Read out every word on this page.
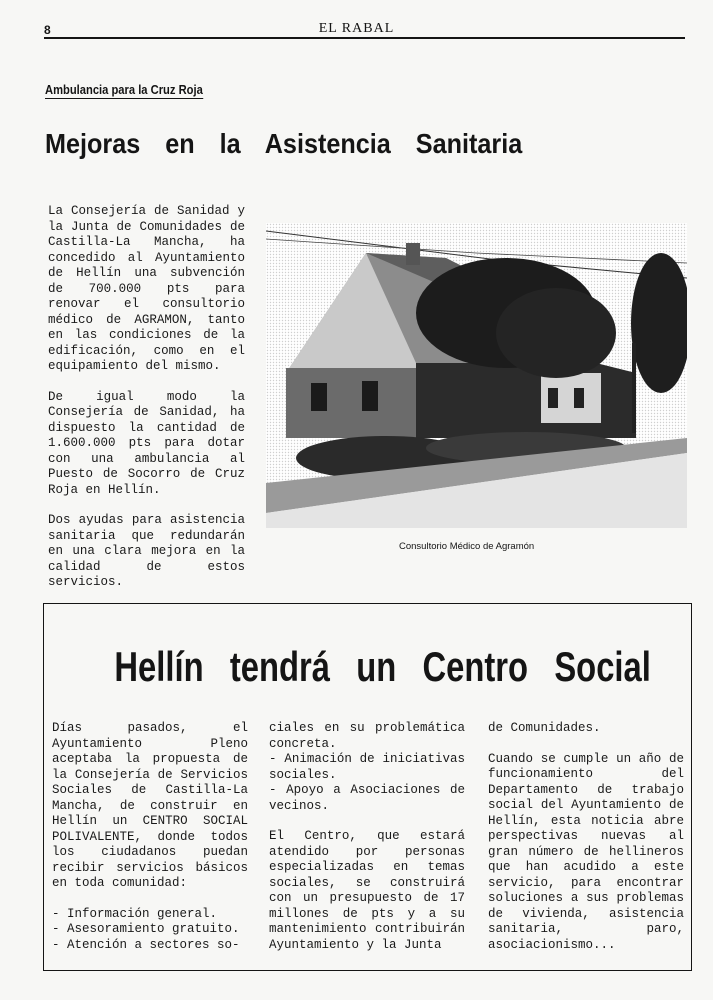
8	EL RABAL
Ambulancia para la Cruz Roja
Mejoras en la Asistencia Sanitaria

La Consejería de Sanidad y la Junta de Comunidades de Castilla-La Mancha, ha concedido al Ayuntamiento de Hellín una subvención de 700.000 pts para renovar el consultorio médico de AGRAMON, tanto en las condiciones de la edificación, como en el equipamiento del mismo.

De igual modo la Consejería de Sanidad, ha dispuesto la cantidad de 1.600.000 pts para dotar con una ambulancia al Puesto de Socorro de Cruz Roja en Hellín.

Dos ayudas para asistencia sanitaria que redundarán en una clara mejora en la calidad de estos servicios.

Consultorio Médico de Agramón
Hellín tendrá un Centro Social

Días pasados, el Ayuntamiento Pleno aceptaba la propuesta de la Consejería de Servicios Sociales de Castilla-La Mancha, de construir en Hellín un CENTRO SOCIAL POLIVALENTE, donde todos los ciudadanos puedan recibir servicios básicos en toda comunidad:

- Información general.
- Asesoramiento gratuito.
- Atención a sectores so-
ciales en su problemática concreta.
- Animación de iniciativas sociales.

- Apoyo a Asociaciones de vecinos.

El Centro, que estará atendido por personas especializadas en temas sociales, se construirá con un presupuesto de 17 millones de pts y a su mantenimiento contribuirán Ayuntamiento y la Junta

de Comunidades.

Cuando se cumple un año de funcionamiento del Departamento de trabajo social del Ayuntamiento de Hellín, esta noticia abre perspectivas nuevas al gran número de hellineros que han acudido a este servicio, para encontrar soluciones a sus problemas de vivienda, asistencia sanitaria, paro, asociacionismo...
